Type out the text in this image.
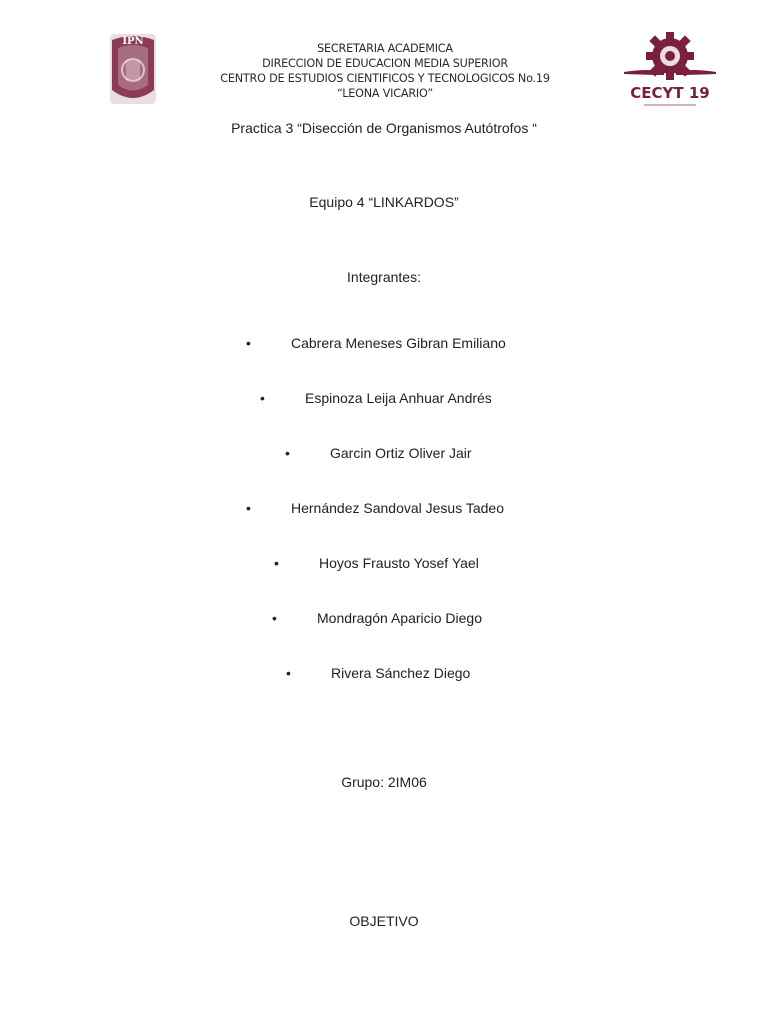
IPN
SECRETARIA ACADEMICA
DIRECCION DE EDUCACION MEDIA SUPERIOR
CENTRO DE ESTUDIOS CIENTIFICOS Y TECNOLOGICOS No.19
“LEONA VICARIO”	CECYT 19
Practica 3 “Disección de Organismos Autótrofos “
Equipo 4 “LINKARDOS”
Integrantes:
•	Cabrera Meneses Gibran Emiliano
•	Espinoza Leija Anhuar Andrés
•	Garcin Ortiz Oliver Jair
•	Hernández Sandoval Jesus Tadeo
•	Hoyos Frausto Yosef Yael
•	Mondragón Aparicio Diego
•	Rivera Sánchez Diego
Grupo: 2IM06
OBJETIVO
